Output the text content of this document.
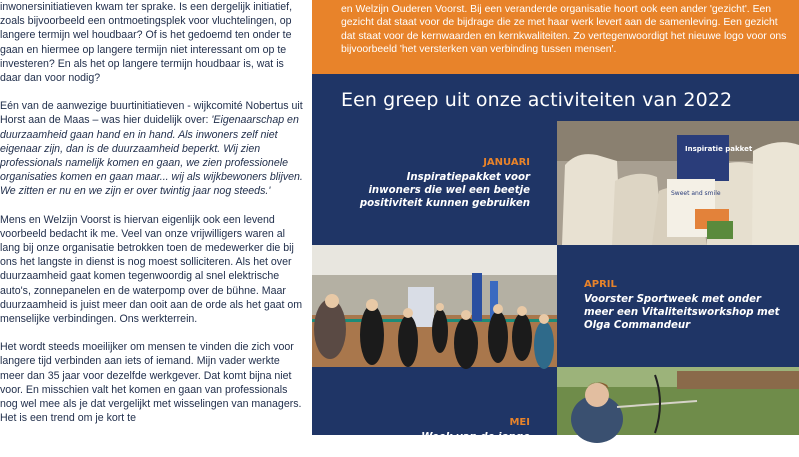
inwonersinitiatieven kwam ter sprake. Is een dergelijk initiatief, zoals bijvoorbeeld een ontmoetingsplek voor vluchtelingen, op langere termijn wel houdbaar? Of is het gedoemd ten onder te gaan en hiermee op langere termijn niet interessant om op te investeren? En als het op langere termijn houdbaar is, wat is daar dan voor nodig?

Eén van de aanwezige buurtinitiatieven - wijkcomité Nobertus uit Horst aan de Maas – was hier duidelijk over: 'Eigenaarschap en duurzaamheid gaan hand en in hand. Als inwoners zelf niet eigenaar zijn, dan is de duurzaamheid beperkt. Wij zien professionals namelijk komen en gaan, we zien professionele organisaties komen en gaan maar... wij als wijkbewoners blijven. We zitten er nu en we zijn er over twintig jaar nog steeds.'

Mens en Welzijn Voorst is hiervan eigenlijk ook een levend voorbeeld bedacht ik me. Veel van onze vrijwilligers waren al lang bij onze organisatie betrokken toen de medewerker die bij ons het langste in dienst is nog moest solliciteren. Als het over duurzaamheid gaat komen tegenwoordig al snel elektrische auto's, zonnepanelen en de waterpomp over de bühne. Maar duurzaamheid is juist meer dan ooit aan de orde als het gaat om menselijke verbindingen. Ons werkterrein.

Het wordt steeds moeilijker om mensen te vinden die zich voor langere tijd verbinden aan iets of iemand. Mijn vader werkte meer dan 35 jaar voor dezelfde werkgever. Dat komt bijna niet voor. En misschien valt het komen en gaan van professionals nog wel mee als je dat vergelijkt met wisselingen van managers. Het is een trend om je kort te

en Welzijn Ouderen Voorst. Bij een veranderde organisatie hoort ook een ander 'gezicht'. Een gezicht dat staat voor de bijdrage die ze met haar werk levert aan de samenleving. Een gezicht dat staat voor de kernwaarden en kernkwaliteiten. Zo vertegenwoordigt het nieuwe logo voor ons bijvoorbeeld 'het versterken van verbinding tussen mensen'.
Een greep uit onze activiteiten van 2022
JANUARI
Inspiratiepakket voor inwoners die wel een beetje positiviteit kunnen gebruiken
Inspiratie pakket
Sweet and smile
APRIL
Voorster Sportweek met onder meer een Vitaliteitsworkshop met Olga Commandeur
MEI
Week van de jonge Mantelzorger
